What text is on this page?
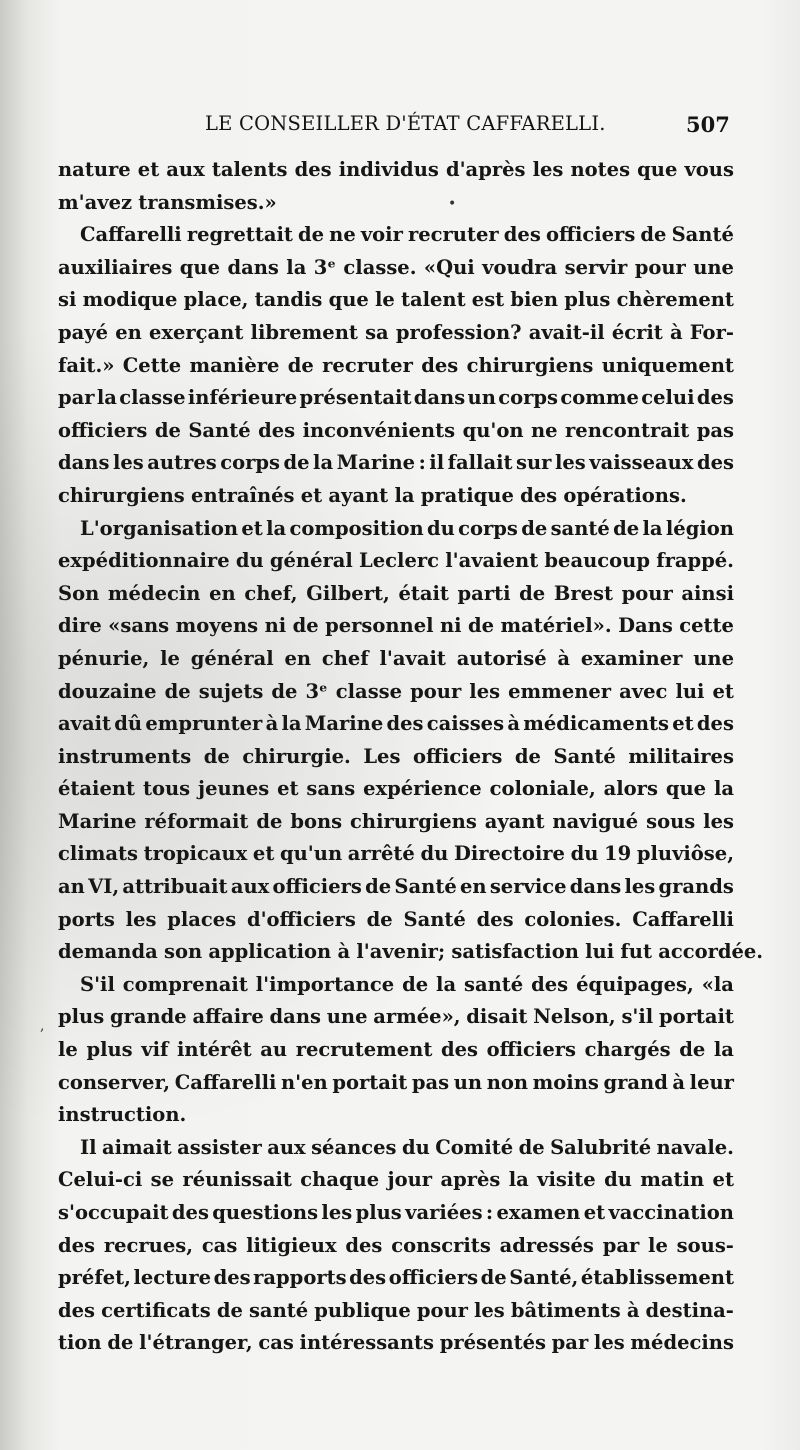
LE CONSEILLER D'ÉTAT CAFFARELLI.	507
nature et aux talents des individus d'après les notes que vous
m'avez transmises.»
Caffarelli regrettait de ne voir recruter des officiers de Santé
auxiliaires que dans la 3ᵉ classe. «Qui voudra servir pour une
si modique place, tandis que le talent est bien plus chèrement
payé en exerçant librement sa profession? avait-il écrit à For-
fait.» Cette manière de recruter des chirurgiens uniquement
par la classe inférieure présentait dans un corps comme celui des
officiers de Santé des inconvénients qu'on ne rencontrait pas
dans les autres corps de la Marine : il fallait sur les vaisseaux des
chirurgiens entraînés et ayant la pratique des opérations.
L'organisation et la composition du corps de santé de la légion
expéditionnaire du général Leclerc l'avaient beaucoup frappé.
Son médecin en chef, Gilbert, était parti de Brest pour ainsi
dire «sans moyens ni de personnel ni de matériel». Dans cette
pénurie, le général en chef l'avait autorisé à examiner une
douzaine de sujets de 3ᵉ classe pour les emmener avec lui et
avait dû emprunter à la Marine des caisses à médicaments et des
instruments de chirurgie. Les officiers de Santé militaires
étaient tous jeunes et sans expérience coloniale, alors que la
Marine réformait de bons chirurgiens ayant navigué sous les
climats tropicaux et qu'un arrêté du Directoire du 19 pluviôse,
an VI, attribuait aux officiers de Santé en service dans les grands
ports les places d'officiers de Santé des colonies. Caffarelli
demanda son application à l'avenir; satisfaction lui fut accordée.
S'il comprenait l'importance de la santé des équipages, «la
plus grande affaire dans une armée», disait Nelson, s'il portait
le plus vif intérêt au recrutement des officiers chargés de la
conserver, Caffarelli n'en portait pas un non moins grand à leur
instruction.
Il aimait assister aux séances du Comité de Salubrité navale.
Celui-ci se réunissait chaque jour après la visite du matin et
s'occupait des questions les plus variées : examen et vaccination
des recrues, cas litigieux des conscrits adressés par le sous-
préfet, lecture des rapports des officiers de Santé, établissement
des certificats de santé publique pour les bâtiments à destina-
tion de l'étranger, cas intéressants présentés par les médecins
•
,
